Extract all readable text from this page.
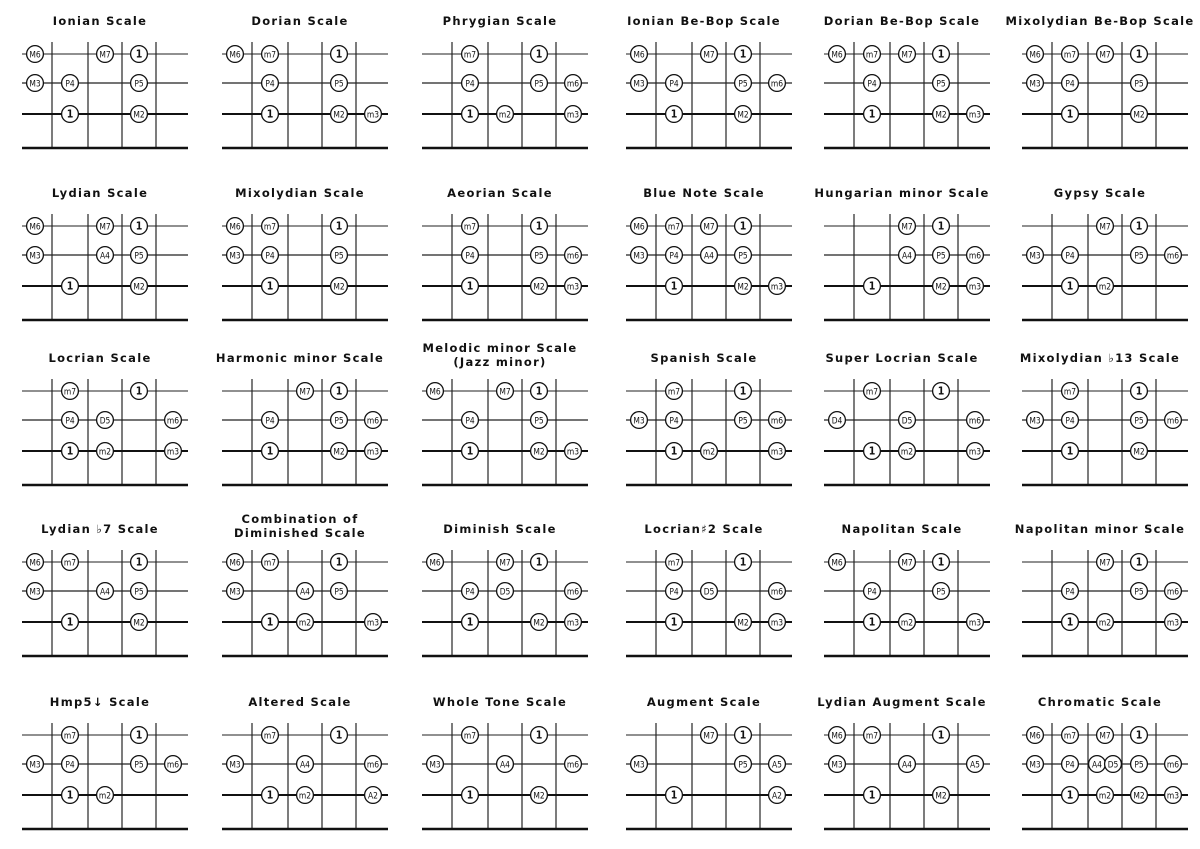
Ionian Scale
M6	M7 1
M3	P4	P5
1	M2
Dorian Scale
M6	m7	1
P4	P5
1	M2	m3
Phrygian Scale
m7	1
P4	P5	m6
1	m2	m3
Ionian Be-Bop Scale
M6	M7 1
M3	P4	P5	m6
1	M2
Dorian Be-Bop Scale
M6	m7	M7 1
P4	P5
1	M2	m3
Mixolydian Be-Bop Scale
M6	m7	M7 1
M3	P4	P5
1	M2
Lydian Scale
M6	M7 1
M3	A4	P5
1	M2
Mixolydian Scale
M6	m7	1
M3	P4	P5
1	M2
Aeorian Scale
m7	1
P4	P5	m6
1	M2	m3
Blue Note Scale
M6	m7	M7 1
M3	P4	A4	P5
1	M2	m3
Hungarian minor Scale
M7 1
A4	P5	m6
1	M2	m3
Gypsy Scale
M7 1
M3	P4	P5	m6
1	m2
Locrian Scale
m7	1
P4	D5	m6
1	m2	m3
Harmonic minor Scale
M7 1
P4	P5	m6
1	M2	m3
Melodic minor Scale
(Jazz minor)
M6	M7 1
P4	P5
1	M2	m3
Spanish Scale
m7	1
M3	P4	P5	m6
1	m2	m3
Super Locrian Scale
m7	1
D4	D5	m6
1	m2	m3
Mixolydian ♭13 Scale
m7	1
M3	P4	P5	m6
1	M2
Lydian ♭7 Scale
M6	m7	1
M3	A4	P5
1	M2
Combination of
Diminished Scale
M6	m7	1
M3	A4	P5
1	m2	m3
Diminish Scale
M6	M7 1
P4	D5	m6
1	M2	m3
Locrian♯2 Scale
m7	1
P4	D5	m6
1	M2	m3
Napolitan Scale
M6	M7 1
P4	P5
1	m2	m3
Napolitan minor Scale
M7 1
P4	P5	m6
1	m2	m3
Hmp5↓ Scale
m7	1
M3	P4	P5	m6
1	m2
Altered Scale
m7	1
M3	A4	m6
1	m2	A2
Whole Tone Scale
m7	1
M3	A4	m6
1	M2
Augment Scale
M7 1
M3	P5	A5
1	A2
Lydian Augment Scale
M6	m7	1
M3	A4	A5
1	M2
Chromatic Scale
M6	m7	M7 1
M3	P4 A4 D5 P5	m6
1	m2	M2	m3
